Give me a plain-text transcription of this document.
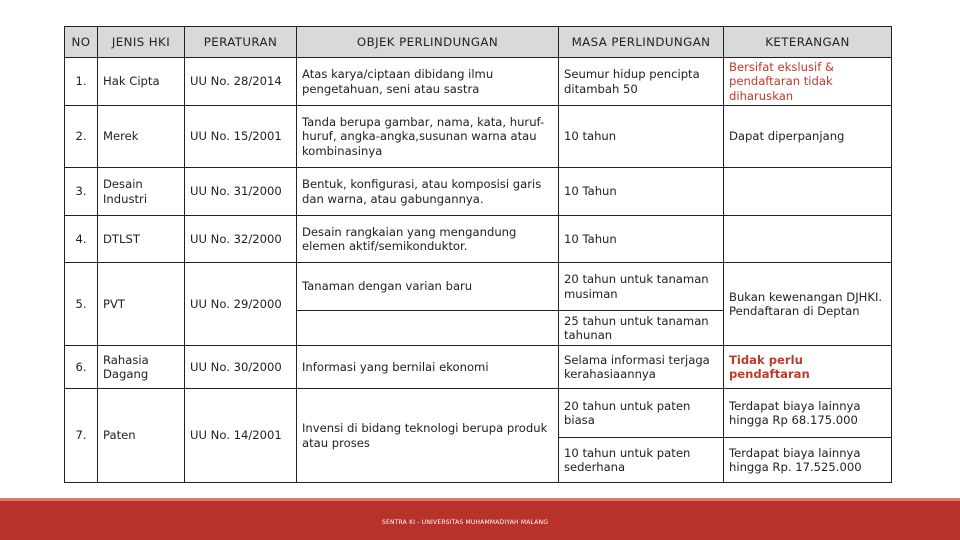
NO	JENIS HKI	PERATURAN	OBJEK PERLINDUNGAN	MASA PERLINDUNGAN	KETERANGAN
1.	Hak Cipta	UU No. 28/2014	Atas karya/ciptaan dibidang ilmu pengetahuan, seni atau sastra	Seumur hidup pencipta ditambah 50	Bersifat ekslusif & pendaftaran tidak diharuskan
2.	Merek	UU No. 15/2001	Tanda berupa gambar, nama, kata, huruf-huruf, angka-angka,susunan warna atau kombinasinya	10 tahun	Dapat diperpanjang
3.	Desain Industri	UU No. 31/2000	Bentuk, konfigurasi, atau komposisi garis dan warna, atau gabungannya.	10 Tahun	
4.	DTLST	UU No. 32/2000	Desain rangkaian yang mengandung elemen aktif/semikonduktor.	10 Tahun	
5.	PVT	UU No. 29/2000	Tanaman dengan varian baru	20 tahun untuk tanaman musiman	Bukan kewenangan DJHKI. Pendaftaran di Deptan
				25 tahun untuk tanaman tahunan	
6.	Rahasia Dagang	UU No. 30/2000	Informasi yang bernilai ekonomi	Selama informasi terjaga kerahasiaannya	Tidak perlu pendaftaran
7.	Paten	UU No. 14/2001	Invensi di bidang teknologi berupa produk atau proses	20 tahun untuk paten biasa	Terdapat biaya lainnya hingga Rp 68.175.000
				10 tahun untuk paten sederhana	Terdapat biaya lainnya hingga Rp. 17.525.000
SENTRA KI - UNIVERSITAS MUHAMMADIYAH MALANG
